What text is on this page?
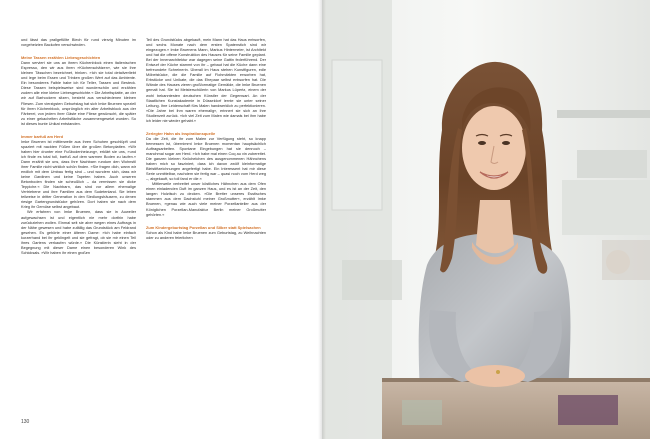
und lässt das prallgefüllte Blech für rund vierzig Minuten im vorgeheizten Backofen verschwinden.

Meine Tassen erzählen Liebesgeschichten

Dann serviert sie uns an ihrem Küchenblock einen italienischen Espresso, den wir aus ihren »Küchenschätzen«, wie sie ihre kleinen Tässchen bezeichnet, trinken. »Ich sie total detailverliebt und lege beim Essen und Trinken großen Wert auf das Ambiente. Ein besonderes Faible habe ich für Teller, Tassen und Besteck. Diese Tassen beispielsweise sind wunderschön und erzählen zudem alle eine kleine Liebesgeschichte.« Die Arbeitsplatte, an der wir auf Barhockern sitzen, besteht aus verschiedenen kleinen Fliesen. Zum vierzigsten Geburtstag hat sich Imke Bruenen speziell für ihren Küchenblock, ursprünglich ein alter Arbeitsblock aus der Färberei, von jedem ihrer Gäste eine Fliese gewünscht, die später zu einer gekachelten Arbeitsfläche zusammengesetzt wurden. So ist dieses bunte Unikat entstanden.

Immer barfuß am Herd

Imke Bruenen ist mittlerweile aus ihren Schuhen geschlüpft und spaziert mit nackten Füßen über die großen Betonplatten. »Wir haben hier drunter eine Fußbodenheizung«, erklärt sie uns, »und ich finde es total toll, barfuß auf dem warmen Boden zu laufen.« Dann erzählt sie uns, dass Ihre Nachbarn rundum den Wohnstil ihrer Familie nicht wirklich schön finden. »Sie fragen dich, wann wir endlich mit dem Umbau fertig sind – und wundern sich, dass wir keine Gardinen und keine Tapeten haben. Auch unseren Betonboden finden sie scheußlich – da vermissen sie dicke Teppiche.« Die Nachbarn, das sind vor allem ehemalige Vertriebene und ihre Familien aus dem Sudetenland. Sie leben teilweise in dritter Generation in den Siedlungshäusern, zu denen riesige Gartengrundstücke gehören. Dort haben sie nach dem Krieg ihr Gemüse selbst angebaut.

Wir erfahren von Imke Bruenen, dass sie in Auweiler aufgewachsen ist und eigentlich nie mehr dorthin habe zurückziehen wollen. Einmal seit sie aber wegen eines Auftrags in der Nähe gewesen und habe zufällig das Grundstück am Feldrand gesehen. Es gehörte einer älteren Dame: »Ich habe einfach kurzerhand bei ihr geklingelt und sie gefragt, ob sie mir einen Teil ihres Gartens verkaufen würde.« Die Künstlerin sieht in der Begegnung mit dieser Dame einen besonderen Wink des Schicksals. »Wir haben ihr einen großen

Teil des Grundstücks abgekauft, mein Mann hat das Haus entworfen, und sechs Monate nach dem ersten Spatenstich sind wir eingezogen.« Imke Bruenens Mann, Markus Hintermeier, ist Architekt und hat die offene Konstruktion des Hauses für seine Familie geplant. Bei der Innenarchitektur war dagegen seine Gattin federführend. Der Entwurf der Küche stammt von ihr – gebaut hat die Küche dann eine befreundete Schreinerin. Überall im Haus stehen Kunstfiguren, edle Möbelstücke, die die Familie auf Flohmärkten erworben hat, Erbstücke und Unikate, die das Ehepaar selbst entworfen hat. Die Wände des Hauses zieren großformatige Gemälde, die Imke Bruenen gemalt hat. Sie ist Meisterschülerin von Markus Lüpertz, einem der wohl bekanntesten deutschen Künstler der Gegenwart. An der Staatlichen Kunstakademie in Düsseldorf lernte sie unter seiner Leitung. Ihre Leidenschaft fürs Malen handwerklich zu perfektionieren. »Die Jahre bei ihm waren ehemalig«, erinnert sie sich an ihre Studienzeit zurück. »Ich viel Zeit zum Malen wie damals bei ihm habe ich leider nie wieder gehabt.«

Zerlegter Hahn als Inspirationsquelle

Da die Zeit, die ihr zum Malen zur Verfügung steht, so knapp bemessen ist, übernimmt Imke Bruenen momentan hauptsächlich Auftragsarbeiten. Spontane Eingebungen hat sie dennoch – manchmal sogar am Herd. »Ich habe mal einen Coq au vin zubereitet. Die ganzen kleinen Knöchelchen des ausgenommenen Hähnchens haben mich so fasziniert, dass ich davon zwölf kleinformatige Bleistiftzeichnungen angefertigt habe. Ein Interessent hat mir diese Serie unmittelbar, nachdem sie fertig war – quasi noch vom Herd weg –, abgekauft, so toll fand er die.«

Mittlerweile verbreitet unser köstliches Hähnchen aus dem Ofen einen einladenden Duft im ganzen Haus, und es ist an der Zeit, den langen Holztisch zu decken. »Die Bretter unseres Esstisches stammen aus dem Dachstuhl meiner Großmutter«, erzählt Imke Bruenen, »genau wie auch viele meiner Porzellanteller aus der Königlichen Porzellan-Manufaktur Berlin meiner Großmutter gehörten.«

Zum Kindergeburtstag Porzellan und Silber statt Spielsachen

Schon als Kind habe Imke Bruenen zum Geburtstag, zu Weihnachten oder zu anderen feierlichen

130
